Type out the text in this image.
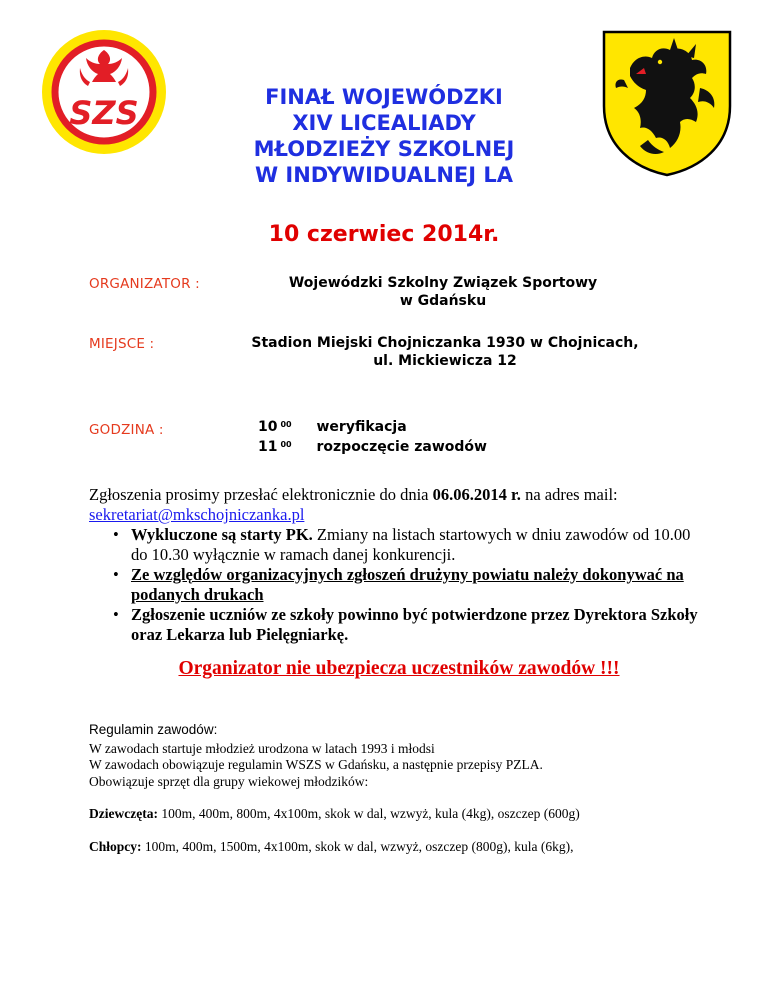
SZS	FINAŁ WOJEWÓDZKI
XIV LICEALIADY
MŁODZIEŻY SZKOLNEJ
W INDYWIDUALNEJ LA
10 czerwiec 2014r.
ORGANIZATOR :	Wojewódzki Szkolny Związek Sportowy
w Gdańsku
MIEJSCE :	Stadion Miejski Chojniczanka 1930 w Chojnicach,
ul. Mickiewicza 12
GODZINA :	10 $^{00}$ weryfikacja
11 $^{00}$ rozpoczęcie zawodów
Zgłoszenia prosimy przesłać elektronicznie do dnia 06.06.2014 r. na adres mail:
sekretariat@mkschojniczanka.pl
• Wykluczone są starty PK. Zmiany na listach startowych w dniu zawodów od 10.00 do 10.30 wyłącznie w ramach danej konkurencji.
• Ze względów organizacyjnych zgłoszeń drużyny powiatu należy dokonywać na podanych drukach
• Zgłoszenie uczniów ze szkoły powinno być potwierdzone przez Dyrektora Szkoły oraz Lekarza lub Pielęgniarkę.
Organizator nie ubezpiecza uczestników zawodów !!!
Regulamin zawodów:
W zawodach startuje młodzież urodzona w latach 1993 i młodsi
W zawodach obowiązuje regulamin WSZS w Gdańsku, a następnie przepisy PZLA.
Obowiązuje sprzęt dla grupy wiekowej młodzików:
Dziewczęta: 100m, 400m, 800m, 4x100m, skok w dal, wzwyż, kula (4kg), oszczep (600g)
Chłopcy: 100m, 400m, 1500m, 4x100m, skok w dal, wzwyż, oszczep (800g), kula (6kg),
